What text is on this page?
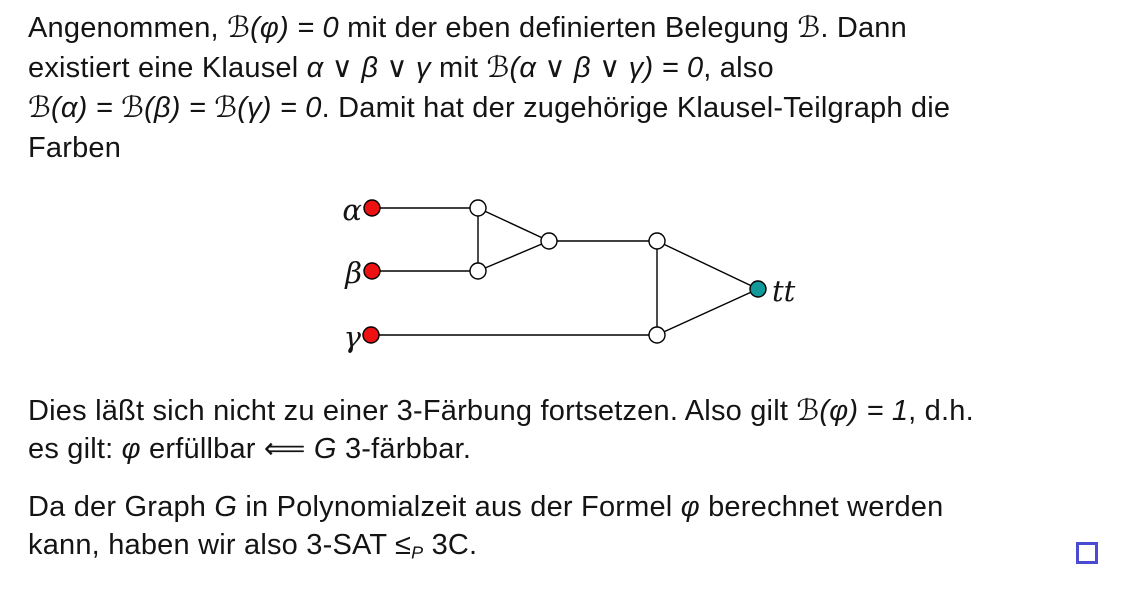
Angenommen, ℬ(φ) = 0 mit der eben definierten Belegung ℬ. Dann
existiert eine Klausel α ∨ β ∨ γ mit ℬ(α ∨ β ∨ γ) = 0, also
ℬ(α) = ℬ(β) = ℬ(γ) = 0. Damit hat der zugehörige Klausel-Teilgraph die
Farben
α
β
γ
tt
Dies läßt sich nicht zu einer 3-Färbung fortsetzen. Also gilt ℬ(φ) = 1, d.h.
es gilt: φ erfüllbar ⟸ G 3-färbbar.
Da der Graph G in Polynomialzeit aus der Formel φ berechnet werden
kann, haben wir also $3-SAT \le_P$ 3C.
